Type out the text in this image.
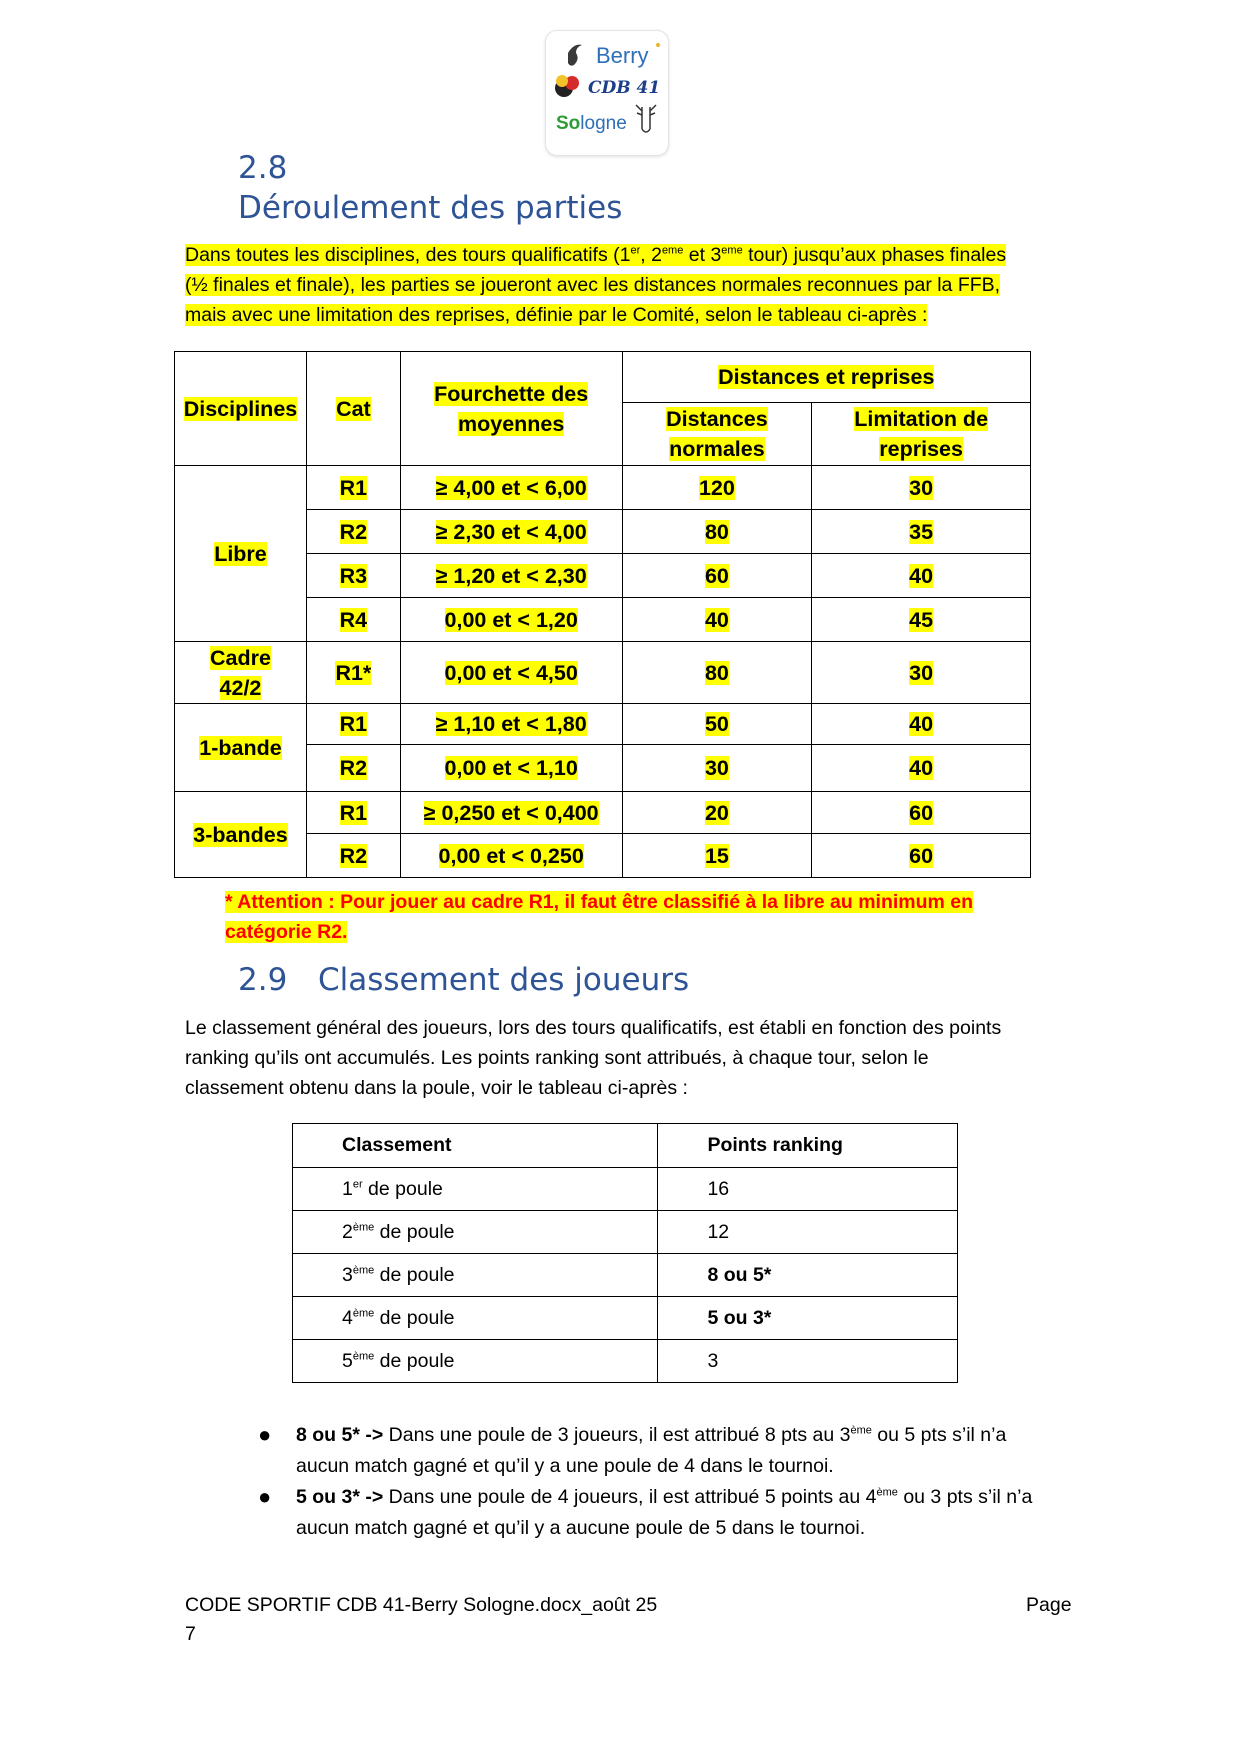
Berry
CDB 41
Sologne
2.8
Déroulement des parties
Dans toutes les disciplines, des tours qualificatifs (1er, 2eme et 3eme tour) jusqu’aux phases finales
(½ finales et finale), les parties se joueront avec les distances normales reconnues par la FFB,
mais avec une limitation des reprises, définie par le Comité, selon le tableau ci-après :
Disciplines	Cat	Fourchette des moyennes	Distances et reprises	
			Distances normales	Limitation de reprises
Libre	R1	≥ 4,00 et < 6,00	120	30
	R2	≥ 2,30 et < 4,00	80	35
	R3	≥ 1,20 et < 2,30	60	40
	R4	0,00 et < 1,20	40	45
Cadre
42/2	R1*	0,00 et < 4,50	80	30
1-bande	R1	≥ 1,10 et < 1,80	50	40
	R2	0,00 et < 1,10	30	40
3-bandes	R1	≥ 0,250 et < 0,400	20	60
	R2	0,00 et < 0,250	15	60
* Attention : Pour jouer au cadre R1, il faut être classifié à la libre au minimum en
catégorie R2.
2.9 Classement des joueurs
Le classement général des joueurs, lors des tours qualificatifs, est établi en fonction des points
ranking qu’ils ont accumulés. Les points ranking sont attribués, à chaque tour, selon le
classement obtenu dans la poule, voir le tableau ci-après :
Classement	Points ranking
1er de poule	16
2ème de poule	12
3ème de poule	8 ou 5*
4ème de poule	5 ou 3*
5ème de poule	3
● 8 ou 5* -> Dans une poule de 3 joueurs, il est attribué 8 pts au 3ème ou 5 pts s’il n’a
aucun match gagné et qu’il y a une poule de 4 dans le tournoi.
● 5 ou 3* -> Dans une poule de 4 joueurs, il est attribué 5 points au 4ème ou 3 pts s’il n’a
aucun match gagné et qu’il y a aucune poule de 5 dans le tournoi.
CODE SPORTIF CDB 41-Berry Sologne.docx_août 25	Page
7
